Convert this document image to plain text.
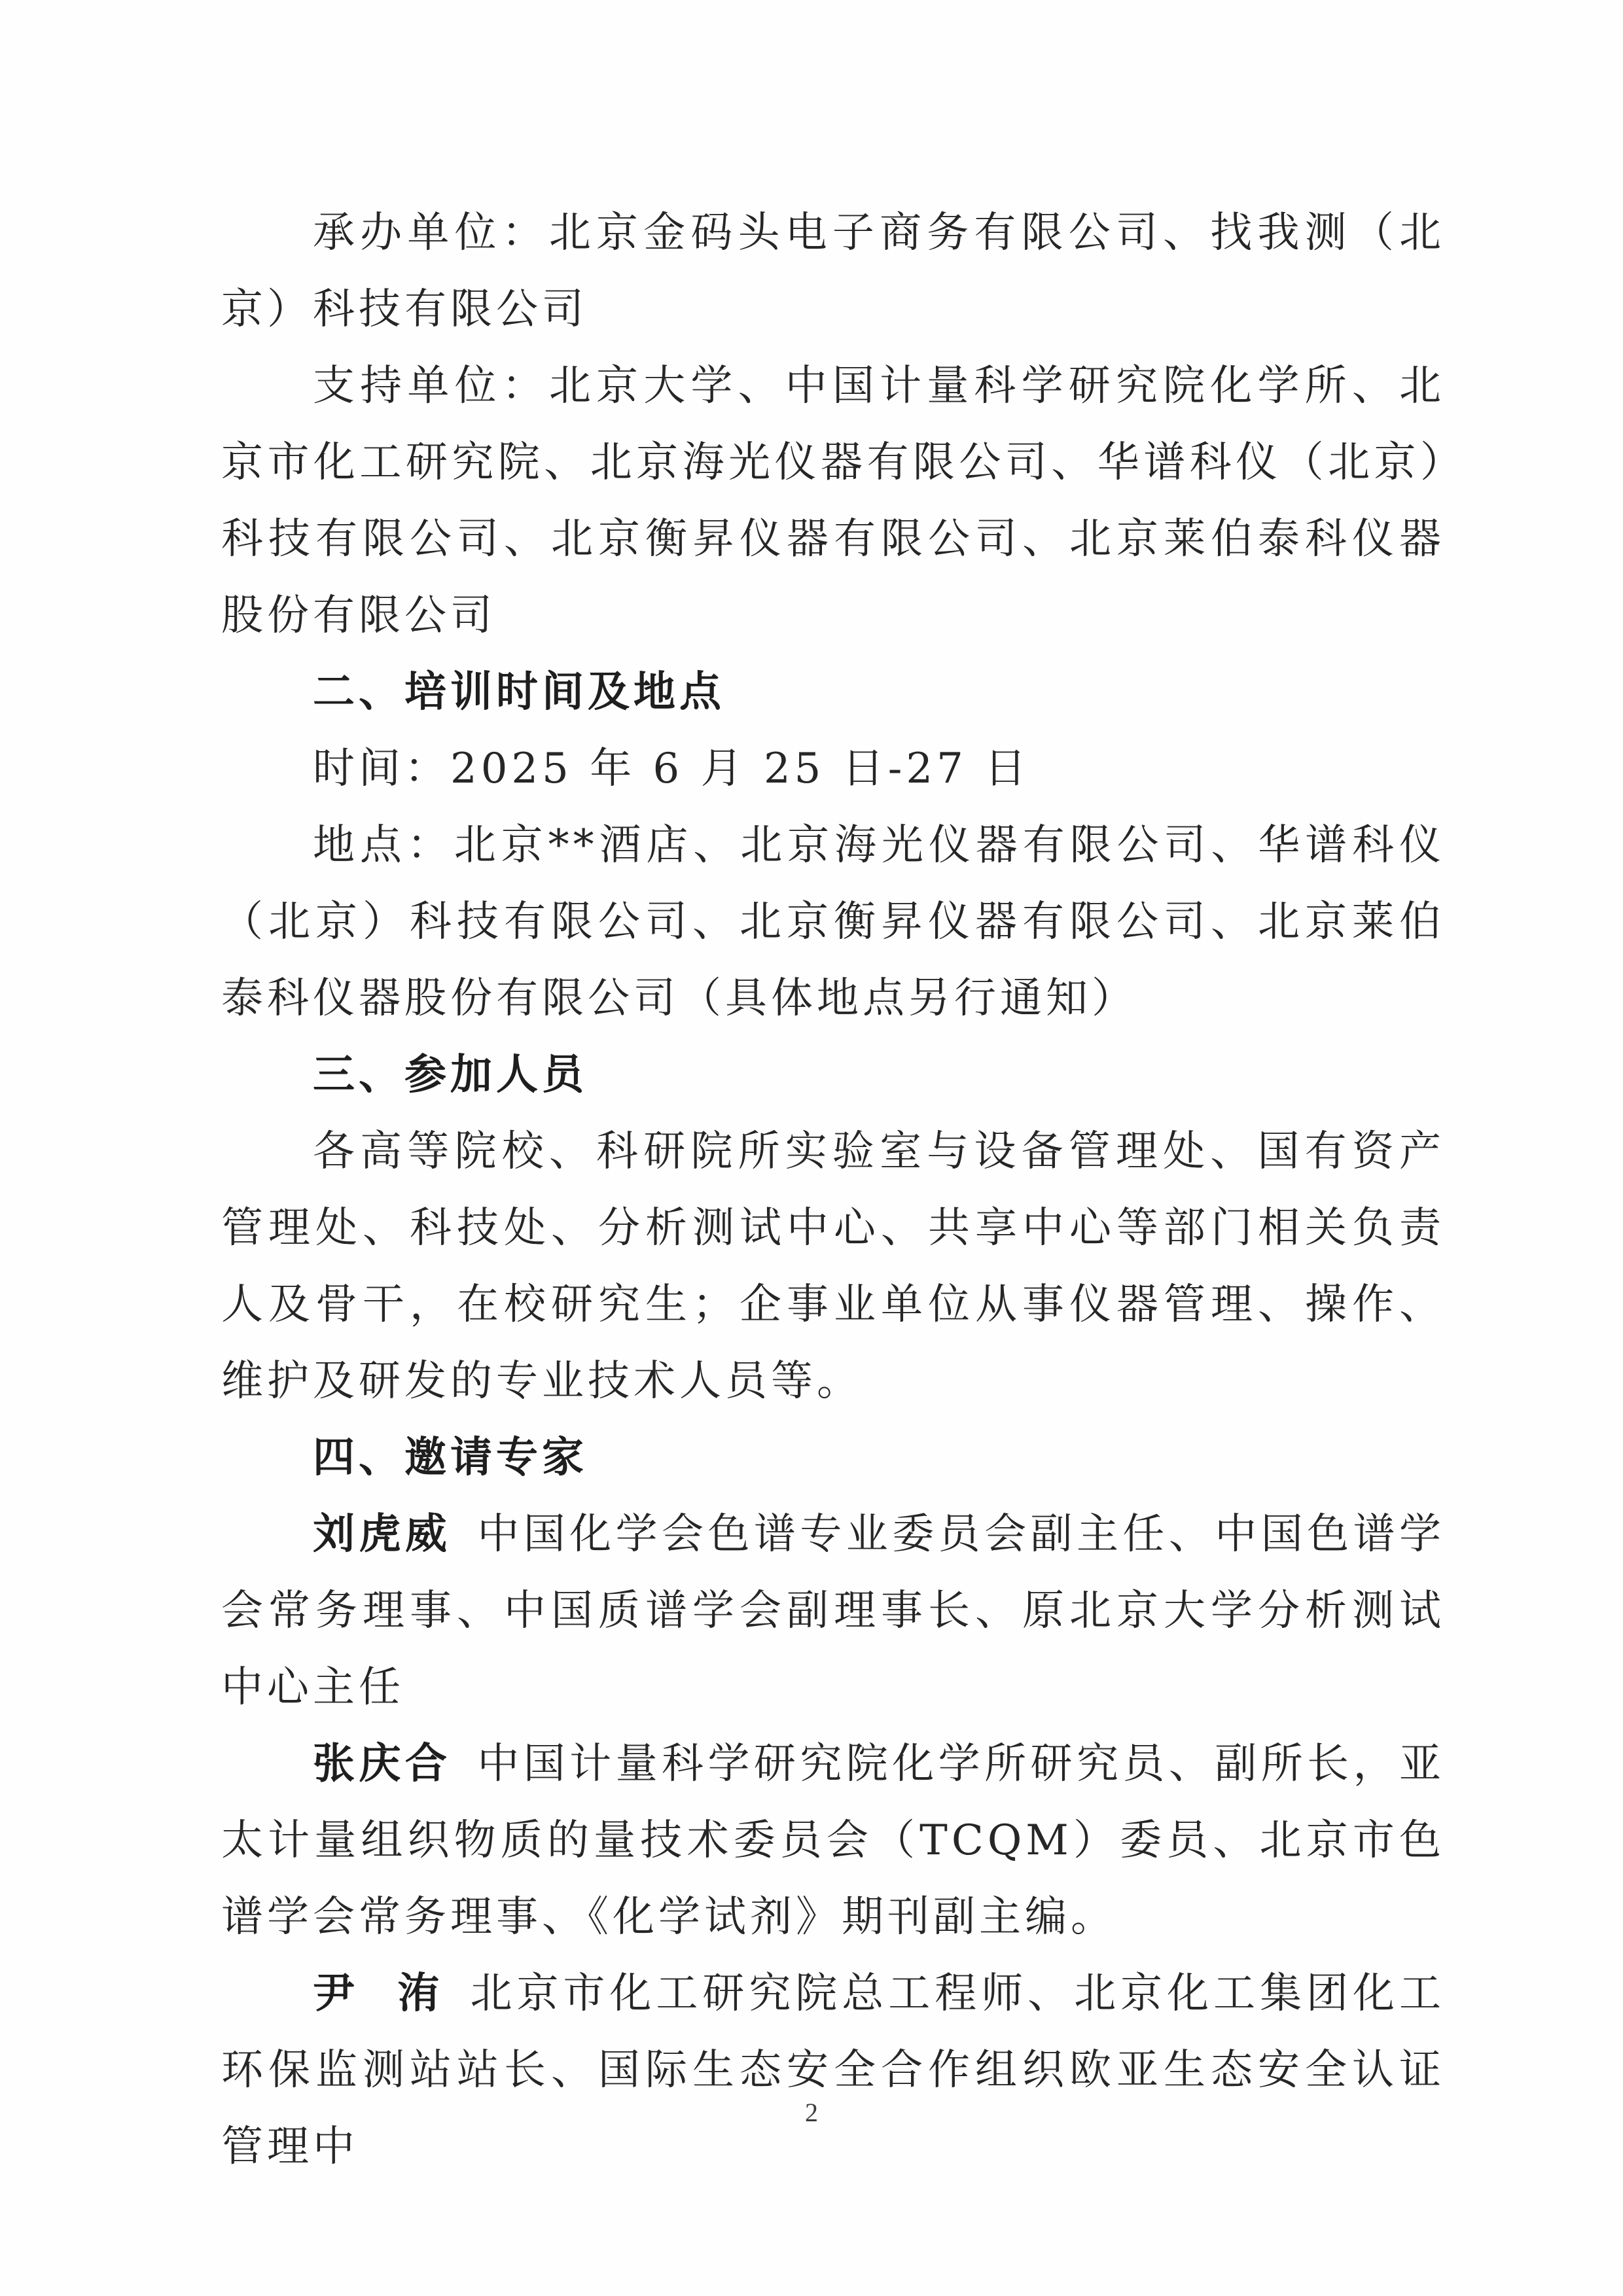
承办单位：北京金码头电子商务有限公司、找我测（北京）科技有限公司

支持单位：北京大学、中国计量科学研究院化学所、北京市化工研究院、北京海光仪器有限公司、华谱科仪（北京）科技有限公司、北京衡昇仪器有限公司、北京莱伯泰科仪器股份有限公司

二、培训时间及地点

时间：2025 年 6 月 25 日-27 日

地点：北京**酒店、北京海光仪器有限公司、华谱科仪（北京）科技有限公司、北京衡昇仪器有限公司、北京莱伯泰科仪器股份有限公司（具体地点另行通知）

三、参加人员

各高等院校、科研院所实验室与设备管理处、国有资产管理处、科技处、分析测试中心、共享中心等部门相关负责人及骨干，在校研究生；企事业单位从事仪器管理、操作、维护及研发的专业技术人员等。

四、邀请专家

刘虎威 中国化学会色谱专业委员会副主任、中国色谱学会常务理事、中国质谱学会副理事长、原北京大学分析测试中心主任

张庆合 中国计量科学研究院化学所研究员、副所长，亚太计量组织物质的量技术委员会（TCQM）委员、北京市色谱学会常务理事、《化学试剂》期刊副主编。

尹  洧 北京市化工研究院总工程师、北京化工集团化工环保监测站站长、国际生态安全合作组织欧亚生态安全认证管理中

2
